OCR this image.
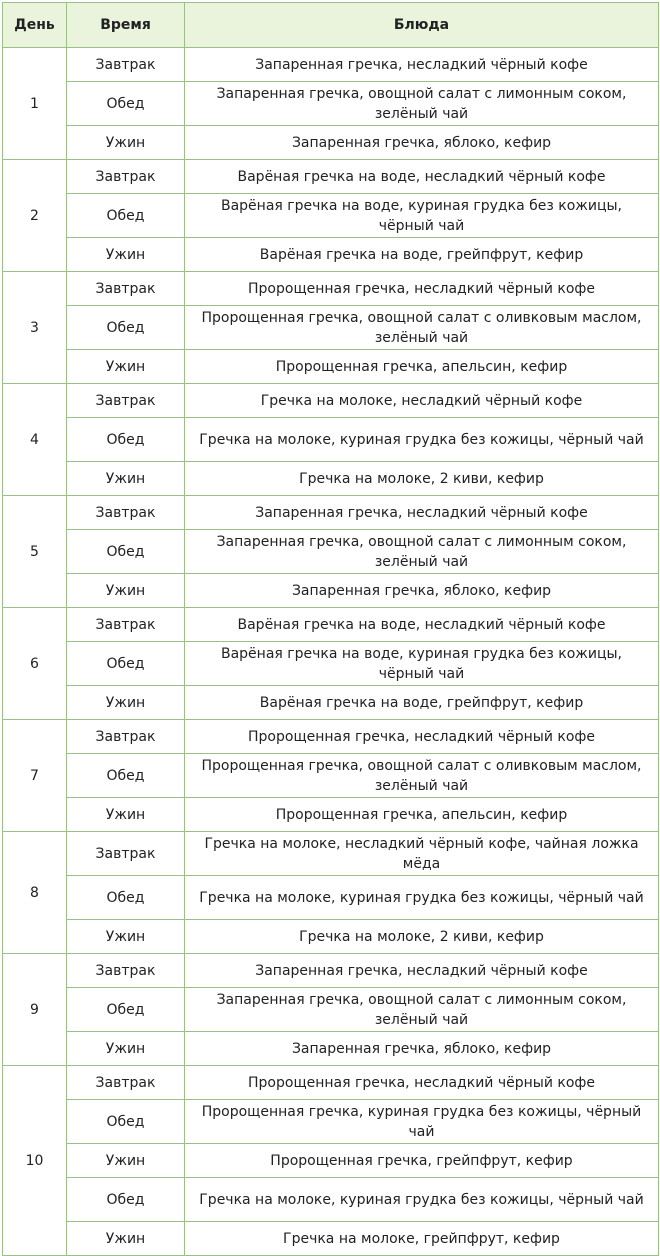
День	Время	Блюда
1	Завтрак	Запаренная гречка, несладкий чёрный кофе
	Обед	Запаренная гречка, овощной салат с лимонным соком, зелёный чай
	Ужин	Запаренная гречка, яблоко, кефир
2	Завтрак	Варёная гречка на воде, несладкий чёрный кофе
	Обед	Варёная гречка на воде, куриная грудка без кожицы, чёрный чай
	Ужин	Варёная гречка на воде, грейпфрут, кефир
3	Завтрак	Пророщенная гречка, несладкий чёрный кофе
	Обед	Пророщенная гречка, овощной салат с оливковым маслом, зелёный чай
	Ужин	Пророщенная гречка, апельсин, кефир
4	Завтрак	Гречка на молоке, несладкий чёрный кофе
	Обед	Гречка на молоке, куриная грудка без кожицы, чёрный чай
	Ужин	Гречка на молоке, 2 киви, кефир
5	Завтрак	Запаренная гречка, несладкий чёрный кофе
	Обед	Запаренная гречка, овощной салат с лимонным соком, зелёный чай
	Ужин	Запаренная гречка, яблоко, кефир
6	Завтрак	Варёная гречка на воде, несладкий чёрный кофе
	Обед	Варёная гречка на воде, куриная грудка без кожицы, чёрный чай
	Ужин	Варёная гречка на воде, грейпфрут, кефир
7	Завтрак	Пророщенная гречка, несладкий чёрный кофе
	Обед	Пророщенная гречка, овощной салат с оливковым маслом, зелёный чай
	Ужин	Пророщенная гречка, апельсин, кефир
8	Завтрак	Гречка на молоке, несладкий чёрный кофе, чайная ложка мёда
	Обед	Гречка на молоке, куриная грудка без кожицы, чёрный чай
	Ужин	Гречка на молоке, 2 киви, кефир
9	Завтрак	Запаренная гречка, несладкий чёрный кофе
	Обед	Запаренная гречка, овощной салат с лимонным соком, зелёный чай
	Ужин	Запаренная гречка, яблоко, кефир
10	Завтрак	Пророщенная гречка, несладкий чёрный кофе
	Обед	Пророщенная гречка, куриная грудка без кожицы, чёрный чай
	Ужин	Пророщенная гречка, грейпфрут, кефир
	Обед	Гречка на молоке, куриная грудка без кожицы, чёрный чай
	Ужин	Гречка на молоке, грейпфрут, кефир
